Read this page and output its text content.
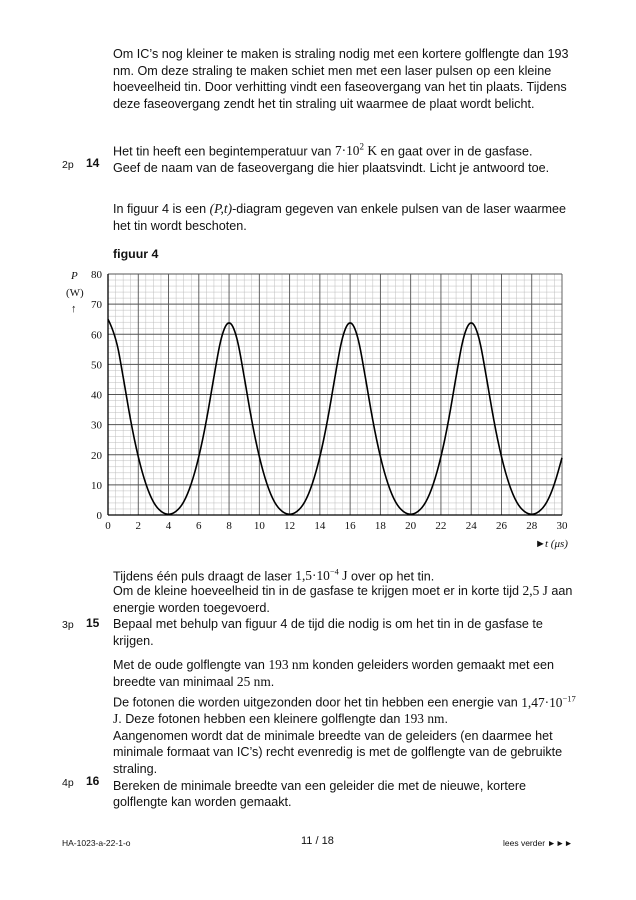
Om IC’s nog kleiner te maken is straling nodig met een kortere golflengte dan 193 nm. Om deze straling te maken schiet men met een laser pulsen op een kleine hoeveelheid tin. Door verhitting vindt een faseovergang van het tin plaats. Tijdens deze faseovergang zendt het tin straling uit waarmee de plaat wordt belicht.

Het tin heeft een begintemperatuur van $7\cdot 10^2$ K en gaat over in de gasfase.

Geef de naam van de faseovergang die hier plaatsvindt. Licht je antwoord toe.

2p 14

In figuur 4 is een (P,t)-diagram gegeven van enkele pulsen van de laser waarmee het tin wordt beschoten.

figuur 4
0 2 4 6 8 10 12 14 16 18 20 22 24 26 28 30
0
10
20
30
40
50
60
70
80
P
(W)
↑
► t (μs)

Tijdens één puls draagt de laser $1,5\cdot 10^{-4}$ J over op het tin.

Om de kleine hoeveelheid tin in de gasfase te krijgen moet er in korte tijd 2,5 J aan energie worden toegevoerd.

Bepaal met behulp van figuur 4 de tijd die nodig is om het tin in de gasfase te krijgen.

3p 15

Met de oude golflengte van 193 nm konden geleiders worden gemaakt met een breedte van minimaal 25 nm.

De fotonen die worden uitgezonden door het tin hebben een energie van $1,47\cdot 10^{-17}$ J. Deze fotonen hebben een kleinere golflengte dan 193 nm.

Aangenomen wordt dat de minimale breedte van de geleiders (en daarmee het minimale formaat van IC’s) recht evenredig is met de golflengte van de gebruikte straling.

Bereken de minimale breedte van een geleider die met de nieuwe, kortere golflengte kan worden gemaakt.

4p 16
HA-1023-a-22-1-o	11 / 18	lees verder ►►►
